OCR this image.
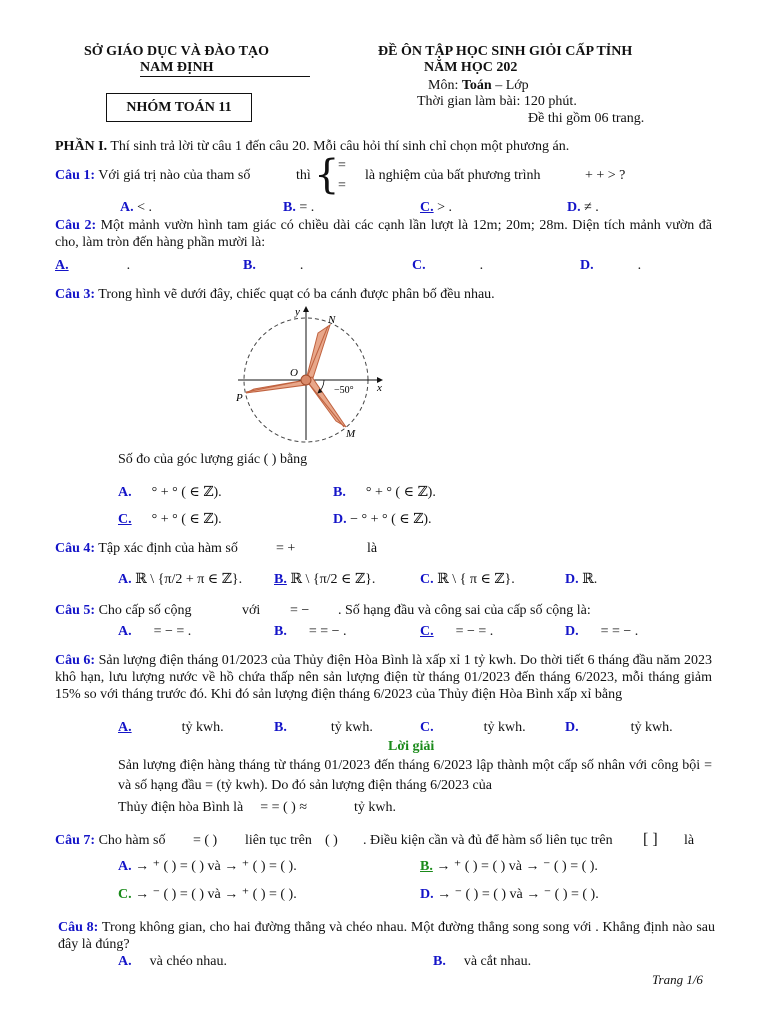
SỞ GIÁO DỤC VÀ ĐÀO TẠO
NAM ĐỊNH
NHÓM TOÁN 11
ĐỀ ÔN TẬP HỌC SINH GIỎI CẤP TỈNH
NĂM HỌC 202
Môn: Toán – Lớp
Thời gian làm bài: 120 phút.
Đề thi gồm 06 trang.
PHẦN I. Thí sinh trả lời từ câu 1 đến câu 20. Mỗi câu hỏi thí sinh chỉ chọn một phương án.
Câu 1: Với giá trị nào của tham số	thì {
=
=
là nghiệm của bất phương trình	+ + > ?
A. < .	B. = .	C. > .	D. ≠ .
Câu 2: Một mảnh vườn hình tam giác có chiều dài các cạnh lần lượt là 12m; 20m; 28m. Diện tích mảnh vườn đã cho, làm tròn đến hàng phần mười là:
A.	.	B.	.	C.	.	D.	.
Câu 3: Trong hình vẽ dưới đây, chiếc quạt có ba cánh được phân bố đều nhau.
y
x
N
O
P
M
−50°
Số đo của góc lượng giác ( ) bằng
A. ° + ° ( ∈ ℤ).	B. ° + ° ( ∈ ℤ).
C. ° + ° ( ∈ ℤ).	D. − ° + ° ( ∈ ℤ).
Câu 4: Tập xác định của hàm số	= +	là
A. ℝ \ {π/2 + π ∈ ℤ}. B. ℝ \ {π/2 ∈ ℤ}.	C. ℝ \ { π ∈ ℤ}.	D. ℝ.
Câu 5: Cho cấp số cộng	với = − . Số hạng đầu và công sai của cấp số cộng là:
A. = − = .	B. = = − .	C. = − = .	D. = = − .
Câu 6: Sản lượng điện tháng 01/2023 của Thủy điện Hòa Bình là xấp xỉ 1 tỷ kwh. Do thời tiết 6 tháng đầu năm 2023 khô hạn, lưu lượng nước về hồ chứa thấp nên sản lượng điện từ tháng 01/2023 đến tháng 6/2023, mỗi tháng giảm 15% so với tháng trước đó. Khi đó sản lượng điện tháng 6/2023 của Thủy điện Hòa Bình xấp xỉ bằng
A.	tỷ kwh.	B.	tỷ kwh.	C.	tỷ kwh.	D.	tỷ kwh.
Lời giải
Sản lượng điện hàng tháng từ tháng 01/2023 đến tháng 6/2023 lập thành một cấp số nhân với công bội = và số hạng đầu = (tỷ kwh). Do đó sản lượng điện tháng 6/2023 của
Thủy điện hòa Bình là = = ( ) ≈	tỷ kwh.
Câu 7: Cho hàm số = ( ) liên tục trên ( ) . Điều kiện cần và đủ để hàm số liên tục trên [ ] là
A. → ⁺ ( ) = ( ) và → ⁺ ( ) = ( ).	B. → ⁺ ( ) = ( ) và → ⁻ ( ) = ( ).
C. → ⁻ ( ) = ( ) và → ⁺ ( ) = ( ).	D. → ⁻ ( ) = ( ) và → ⁻ ( ) = ( ).
Câu 8: Trong không gian, cho hai đường thẳng và chéo nhau. Một đường thẳng song song với . Khẳng định nào sau đây là đúng?
A. và chéo nhau.	B. và cắt nhau.
Trang 1/6
